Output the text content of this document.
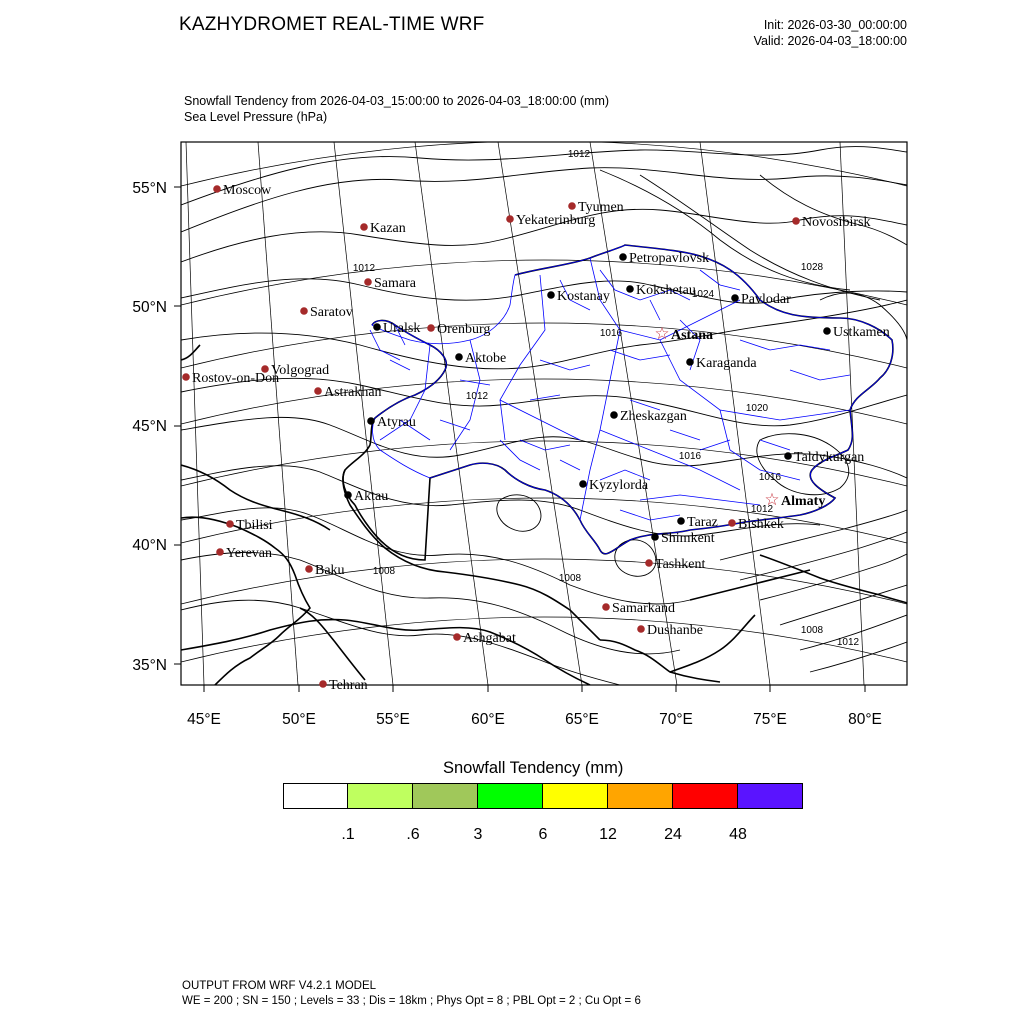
KAZHYDROMET REAL-TIME WRF	Init: 2026-03-30_00:00:00
Valid: 2026-04-03_18:00:00
Snowfall Tendency from 2026-04-03_15:00:00 to 2026-04-03_18:00:00 (mm)
Sea Level Pressure (hPa)
55°N
50°N
45°N
40°N
35°N
45°E	50°E	55°E	60°E	65°E	70°E	75°E	80°E
1012
1012	1028
1024
1016
1012
1020
1016
1012
1008
1008
1008
1012
1016
Moscow
Kazan
Tyumen
Yekaterinburg	Novosibirsk
Samara
Saratov
Orenburg
Volgograd
Rostov-on-Don
Astrakhan
Tbilisi
Yerevan
Baku
Tehran
Ashgabat
Samarkand
Dushanbe
Tashkent
Bishkek
Petropavlovsk
Kostanay Kokshetau
Pavlodar
Uralsk
Aktobe
Ustkamen
Karaganda
Atyrau	Zheskazgan
Taldykurgan
Kyzylorda
Aktau
Taraz
Shimkent
☆ Astana
☆ Almaty
Snowfall Tendency (mm)
.1	.6	3	6	12	24	48
OUTPUT FROM WRF V4.2.1 MODEL
WE = 200 ; SN = 150 ; Levels = 33 ; Dis = 18km ; Phys Opt = 8 ; PBL Opt = 2 ; Cu Opt = 6
